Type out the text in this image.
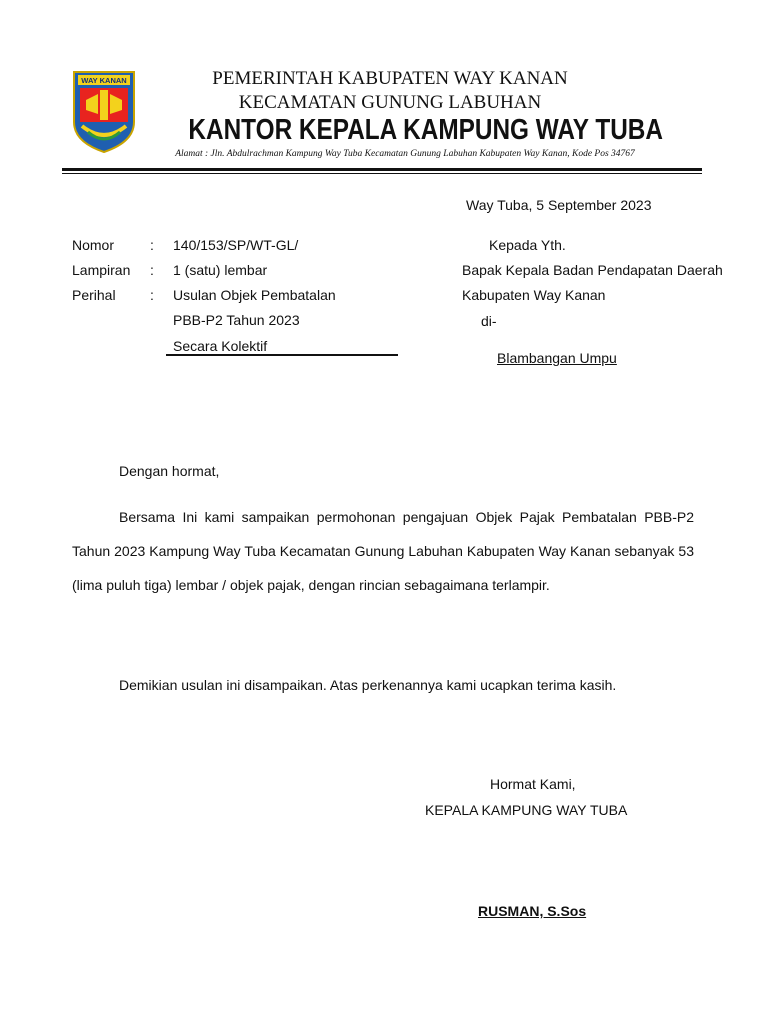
WAY KANAN	PEMERINTAH KABUPATEN WAY KANAN
KECAMATAN GUNUNG LABUHAN
KANTOR KEPALA KAMPUNG WAY TUBA
Alamat : Jln. Abdulrachman Kampung Way Tuba Kecamatan Gunung Labuhan Kabupaten Way Kanan, Kode Pos 34767
Way Tuba, 5 September 2023
Nomor	: 140/153/SP/WT-GL/
Lampiran : 1 (satu) lembar
Perihal : Usulan Objek Pembatalan
PBB-P2 Tahun 2023
Secara Kolektif
Kepada Yth.
Bapak Kepala Badan Pendapatan Daerah
Kabupaten Way Kanan
di-
Blambangan Umpu
Dengan hormat,
Bersama Ini kami sampaikan permohonan pengajuan Objek Pajak Pembatalan PBB-P2 Tahun 2023 Kampung Way Tuba Kecamatan Gunung Labuhan Kabupaten Way Kanan sebanyak 53 (lima puluh tiga) lembar / objek pajak, dengan rincian sebagaimana terlampir.
Demikian usulan ini disampaikan. Atas perkenannya kami ucapkan terima kasih.
Hormat Kami,
KEPALA KAMPUNG WAY TUBA
RUSMAN, S.Sos
